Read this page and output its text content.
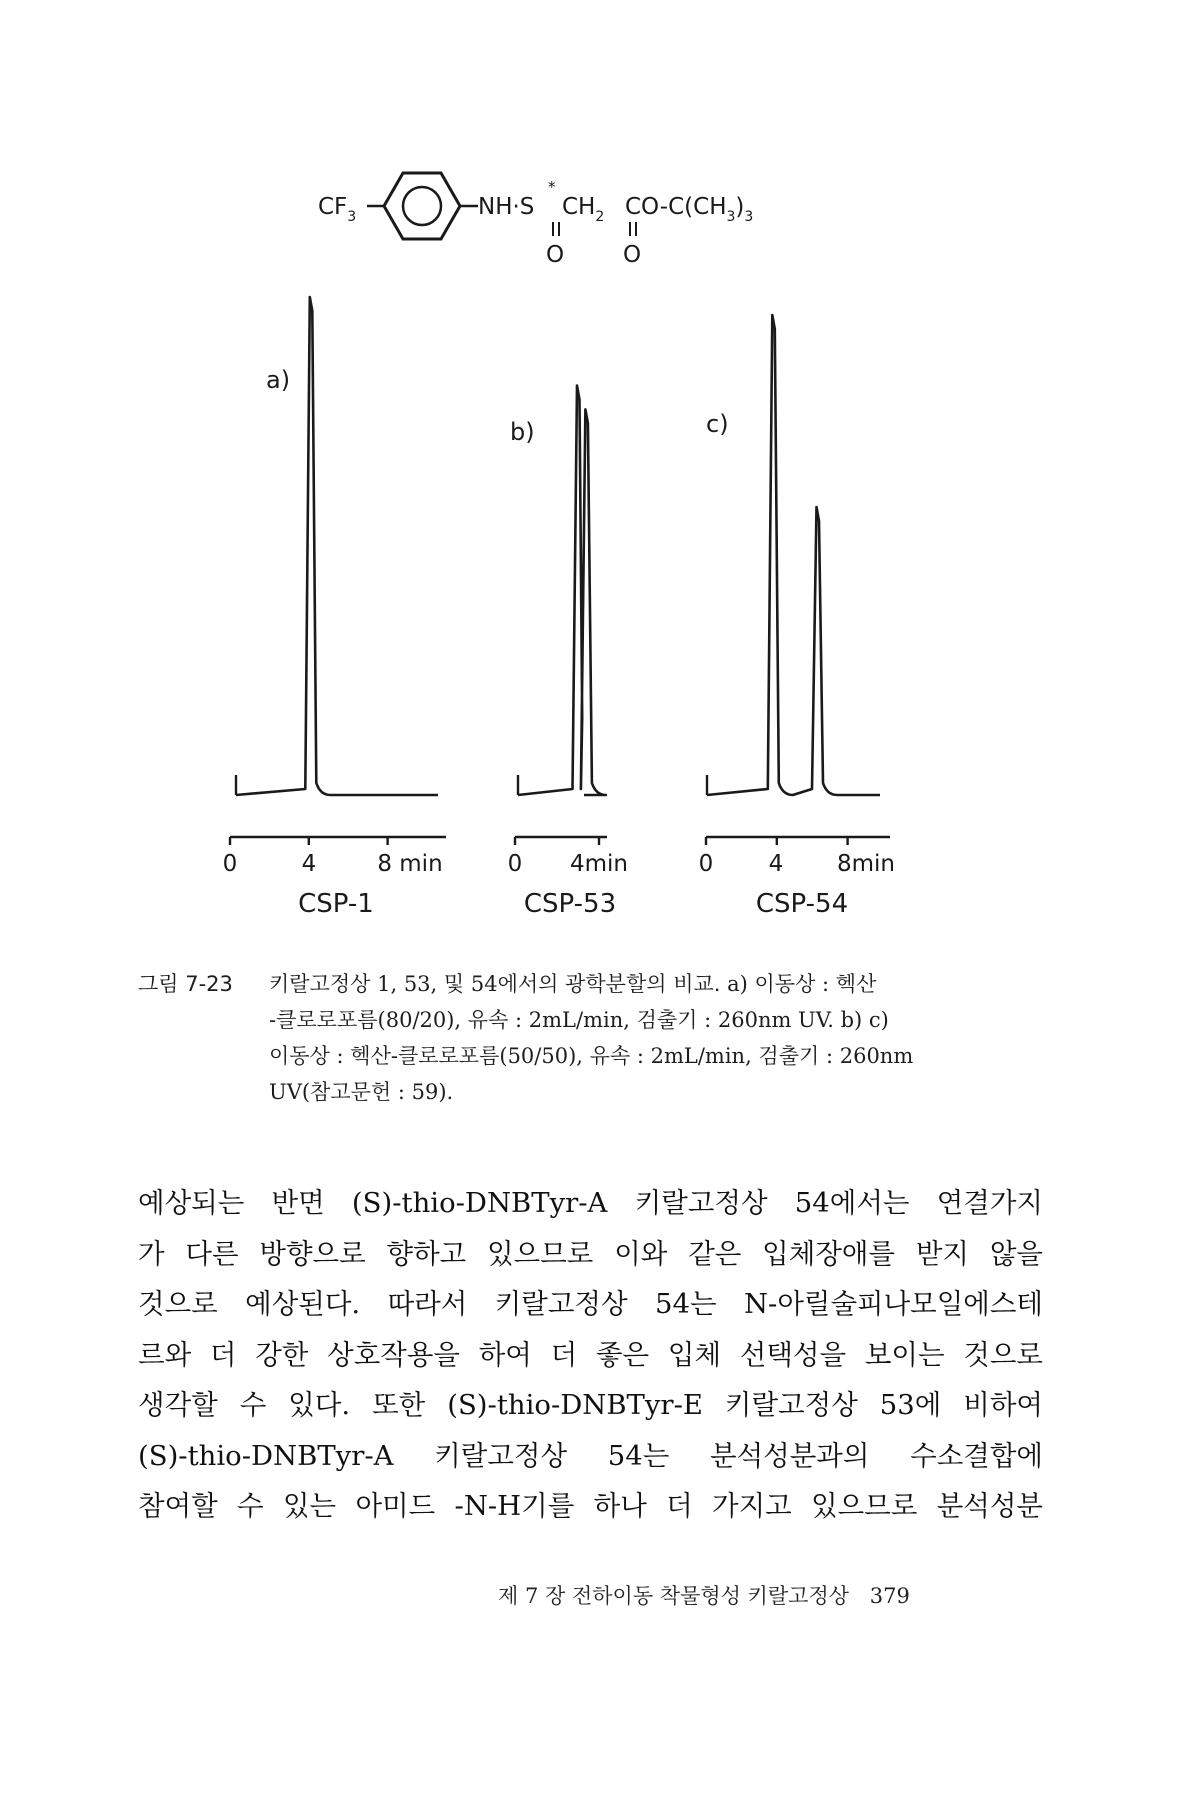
$CF_3$	NH·S
*
$CH_2$ $CO-C(CH_3)_3$
O	O
a)
b)	c)
0	4	8 min	0 4min	0 4 8min
CSP-1	CSP-53	CSP-54
그림 7-23	키랄고정상 1, 53, 및 54에서의 광학분할의 비교. a) 이동상 : 헥산
-클로로포름(80/20), 유속 : 2mL/min, 검출기 : 260nm UV. b) c)
이동상 : 헥산-클로로포름(50/50), 유속 : 2mL/min, 검출기 : 260nm
UV(참고문헌 : 59).
예상되는 반면 (S)-thio-DNBTyr-A 키랄고정상 54에서는 연결가지
가 다른 방향으로 향하고 있으므로 이와 같은 입체장애를 받지 않을
것으로 예상된다. 따라서 키랄고정상 54는 N-아릴술피나모일에스테
르와 더 강한 상호작용을 하여 더 좋은 입체 선택성을 보이는 것으로
생각할 수 있다. 또한 (S)-thio-DNBTyr-E 키랄고정상 53에 비하여
(S)-thio-DNBTyr-A 키랄고정상 54는 분석성분과의 수소결합에
참여할 수 있는 아미드 -N-H기를 하나 더 가지고 있으므로 분석성분
제 7 장 전하이동 착물형성 키랄고정상 379
